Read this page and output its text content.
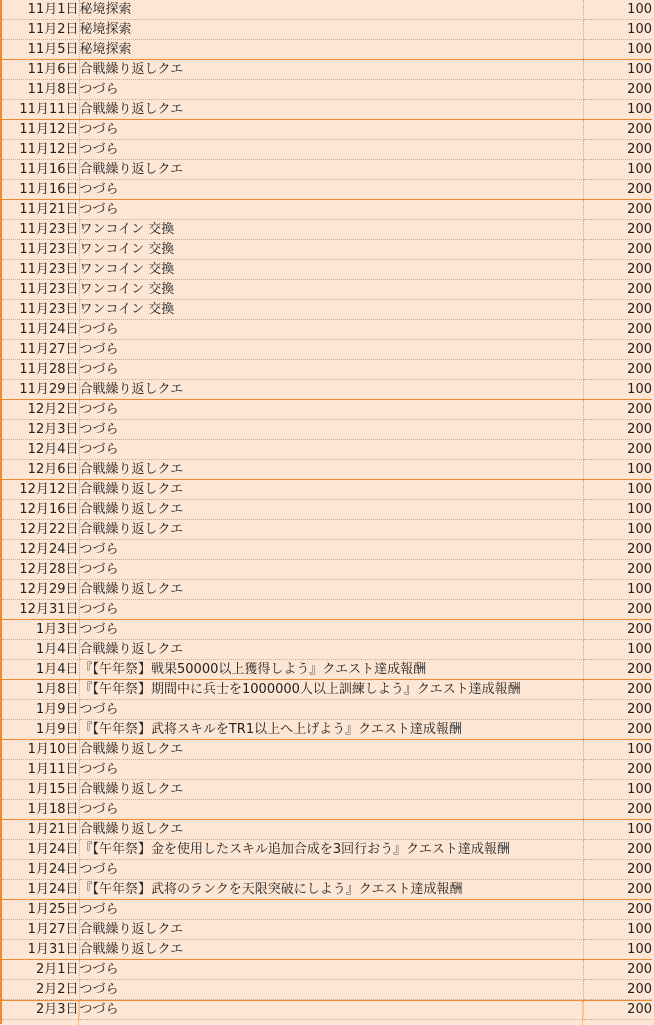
11月1日	秘境探索	100
11月2日	秘境探索	100
11月5日	秘境探索	100
11月6日	合戦繰り返しクエ	100
11月8日	つづら	200
11月11日	合戦繰り返しクエ	100
11月12日	つづら	200
11月12日	つづら	200
11月16日	合戦繰り返しクエ	100
11月16日	つづら	200
11月21日	つづら	200
11月23日	ワンコイン 交換	200
11月23日	ワンコイン 交換	200
11月23日	ワンコイン 交換	200
11月23日	ワンコイン 交換	200
11月23日	ワンコイン 交換	200
11月24日	つづら	200
11月27日	つづら	200
11月28日	つづら	200
11月29日	合戦繰り返しクエ	100
12月2日	つづら	200
12月3日	つづら	200
12月4日	つづら	200
12月6日	合戦繰り返しクエ	100
12月12日	合戦繰り返しクエ	100
12月16日	合戦繰り返しクエ	100
12月22日	合戦繰り返しクエ	100
12月24日	つづら	200
12月28日	つづら	200
12月29日	合戦繰り返しクエ	100
12月31日	つづら	200
1月3日	つづら	200
1月4日	合戦繰り返しクエ	100
1月4日	『【午年祭】戦果50000以上獲得しよう』クエスト達成報酬	200
1月8日	『【午年祭】期間中に兵士を1000000人以上訓練しよう』クエスト達成報酬	200
1月9日	つづら	200
1月9日	『【午年祭】武将スキルをTR1以上へ上げよう』クエスト達成報酬	200
1月10日	合戦繰り返しクエ	100
1月11日	つづら	200
1月15日	合戦繰り返しクエ	100
1月18日	つづら	200
1月21日	合戦繰り返しクエ	100
1月24日	『【午年祭】金を使用したスキル追加合成を3回行おう』クエスト達成報酬	200
1月24日	つづら	200
1月24日	『【午年祭】武将のランクを天限突破にしよう』クエスト達成報酬	200
1月25日	つづら	200
1月27日	合戦繰り返しクエ	100
1月31日	合戦繰り返しクエ	100
2月1日	つづら	200
2月2日	つづら	200
2月3日	つづら	200
